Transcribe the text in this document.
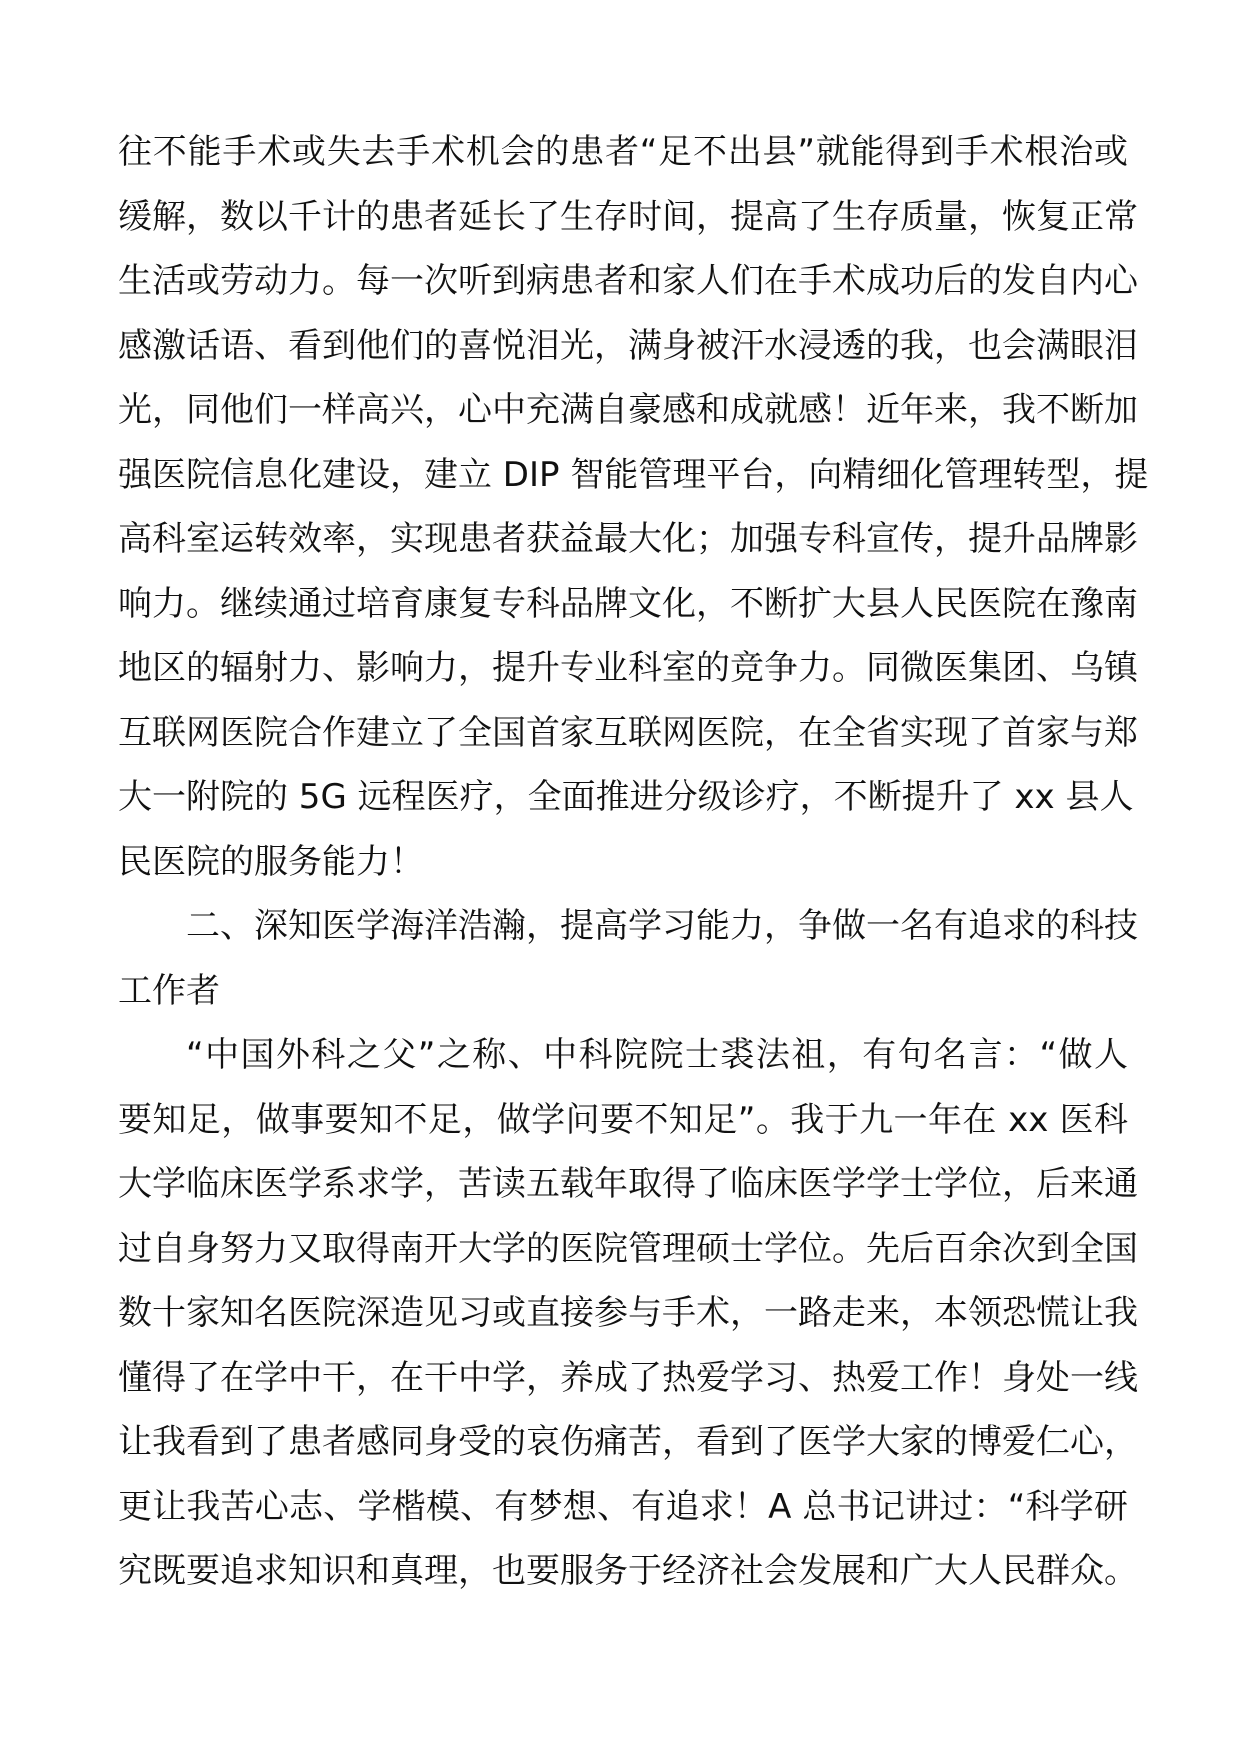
往不能手术或失去手术机会的患者“足不出县”就能得到手术根治或
缓解，数以千计的患者延长了生存时间，提高了生存质量，恢复正常
生活或劳动力。每一次听到病患者和家人们在手术成功后的发自内心
感激话语、看到他们的喜悦泪光，满身被汗水浸透的我，也会满眼泪
光，同他们一样高兴，心中充满自豪感和成就感！近年来，我不断加
强医院信息化建设，建立 DIP 智能管理平台，向精细化管理转型，提
高科室运转效率，实现患者获益最大化；加强专科宣传，提升品牌影
响力。继续通过培育康复专科品牌文化，不断扩大县人民医院在豫南
地区的辐射力、影响力，提升专业科室的竞争力。同微医集团、乌镇
互联网医院合作建立了全国首家互联网医院，在全省实现了首家与郑
大一附院的 5G 远程医疗，全面推进分级诊疗，不断提升了 xx 县人
民医院的服务能力！
二、深知医学海洋浩瀚，提高学习能力，争做一名有追求的科技
工作者
“中国外科之父”之称、中科院院士裘法祖，有句名言：“做人
要知足，做事要知不足，做学问要不知足”。我于九一年在 xx 医科
大学临床医学系求学，苦读五载年取得了临床医学学士学位，后来通
过自身努力又取得南开大学的医院管理硕士学位。先后百余次到全国
数十家知名医院深造见习或直接参与手术，一路走来，本领恐慌让我
懂得了在学中干，在干中学，养成了热爱学习、热爱工作！身处一线
让我看到了患者感同身受的哀伤痛苦，看到了医学大家的博爱仁心，
更让我苦心志、学楷模、有梦想、有追求！A 总书记讲过：“科学研
究既要追求知识和真理，也要服务于经济社会发展和广大人民群众。
